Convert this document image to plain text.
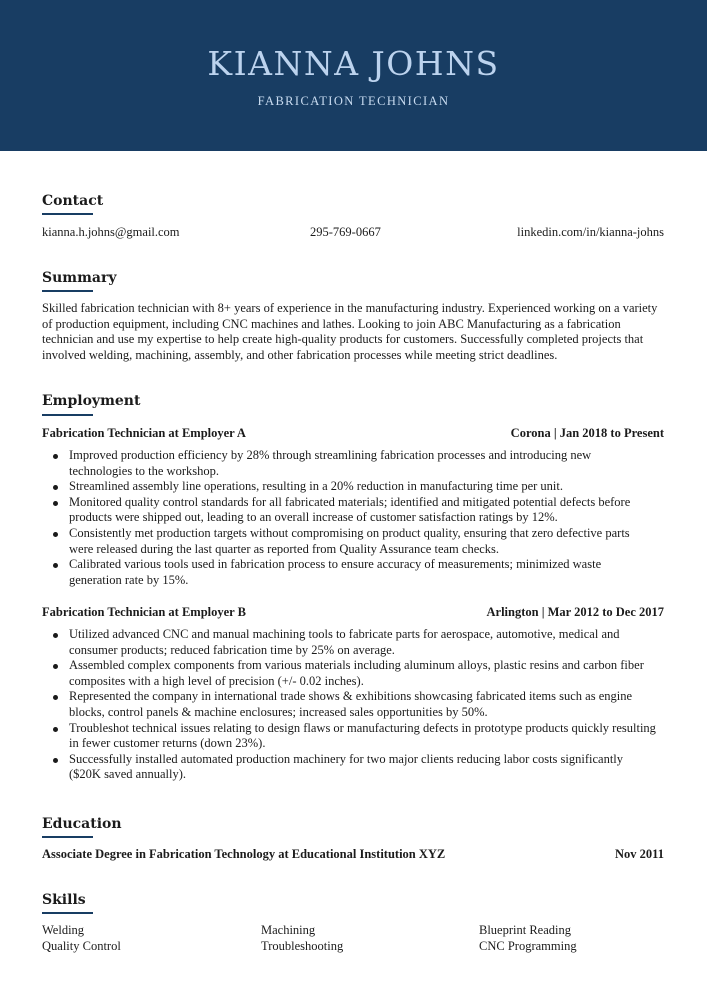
KIANNA JOHNS
FABRICATION TECHNICIAN
Contact
kianna.h.johns@gmail.com	295-769-0667	linkedin.com/in/kianna-johns
Summary
Skilled fabrication technician with 8+ years of experience in the manufacturing industry. Experienced working on a variety of production equipment, including CNC machines and lathes. Looking to join ABC Manufacturing as a fabrication technician and use my expertise to help create high-quality products for customers. Successfully completed projects that involved welding, machining, assembly, and other fabrication processes while meeting strict deadlines.
Employment
Fabrication Technician at Employer A	Corona | Jan 2018 to Present
Improved production efficiency by 28% through streamlining fabrication processes and introducing new technologies to the workshop.
Streamlined assembly line operations, resulting in a 20% reduction in manufacturing time per unit.
Monitored quality control standards for all fabricated materials; identified and mitigated potential defects before products were shipped out, leading to an overall increase of customer satisfaction ratings by 12%.
Consistently met production targets without compromising on product quality, ensuring that zero defective parts were released during the last quarter as reported from Quality Assurance team checks.
Calibrated various tools used in fabrication process to ensure accuracy of measurements; minimized waste generation rate by 15%.
Fabrication Technician at Employer B	Arlington | Mar 2012 to Dec 2017
Utilized advanced CNC and manual machining tools to fabricate parts for aerospace, automotive, medical and consumer products; reduced fabrication time by 25% on average.
Assembled complex components from various materials including aluminum alloys, plastic resins and carbon fiber composites with a high level of precision (+/- 0.02 inches).
Represented the company in international trade shows & exhibitions showcasing fabricated items such as engine blocks, control panels & machine enclosures; increased sales opportunities by 50%.
Troubleshot technical issues relating to design flaws or manufacturing defects in prototype products quickly resulting in fewer customer returns (down 23%).
Successfully installed automated production machinery for two major clients reducing labor costs significantly ($20K saved annually).
Education
Associate Degree in Fabrication Technology at Educational Institution XYZ	Nov 2011
Skills
Welding	Machining	Blueprint Reading
Quality Control	Troubleshooting	CNC Programming
